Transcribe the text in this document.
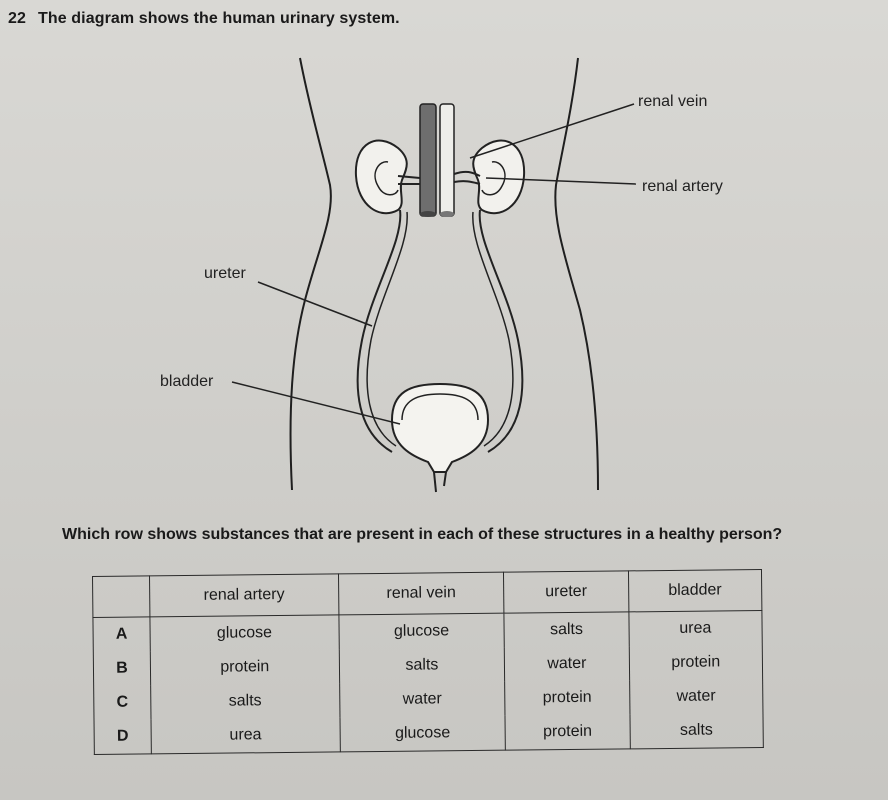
22 The diagram shows the human urinary system.
renal vein
renal artery
ureter
bladder
Which row shows substances that are present in each of these structures in a healthy person?
	renal artery	renal vein	ureter	bladder
A	glucose	glucose	salts	urea
B	protein	salts	water	protein
C	salts	water	protein	water
D	urea	glucose	protein	salts
